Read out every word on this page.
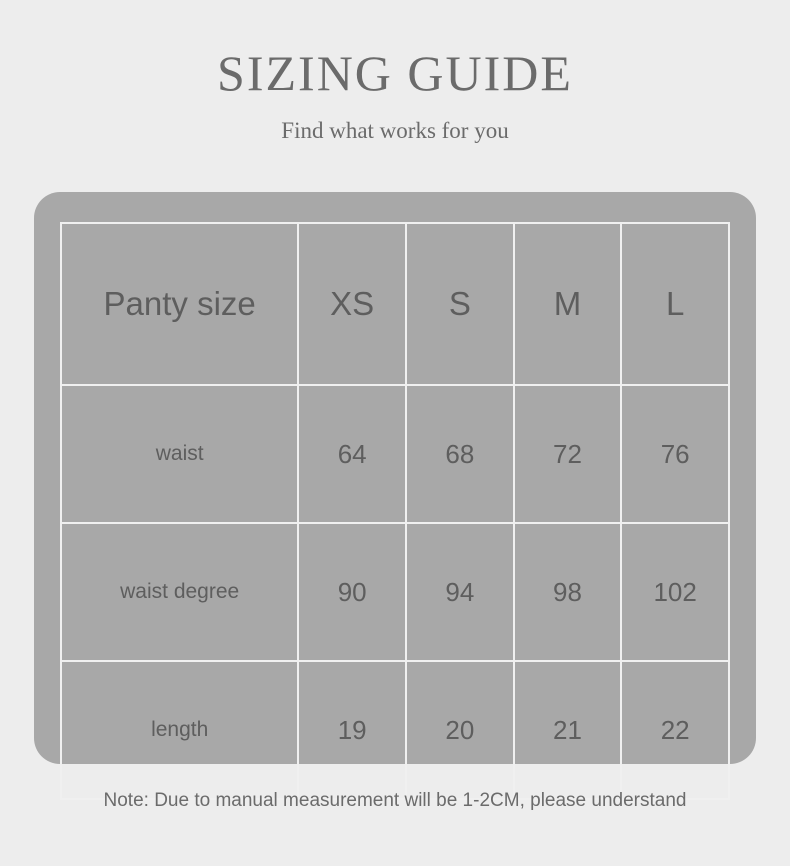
SIZING GUIDE

Find what works for you

Panty size	XS	S	M	L
waist	64	68	72	76
waist degree	90	94	98	102
length	19	20	21	22
Note: Due to manual measurement will be 1-2CM, please understand
